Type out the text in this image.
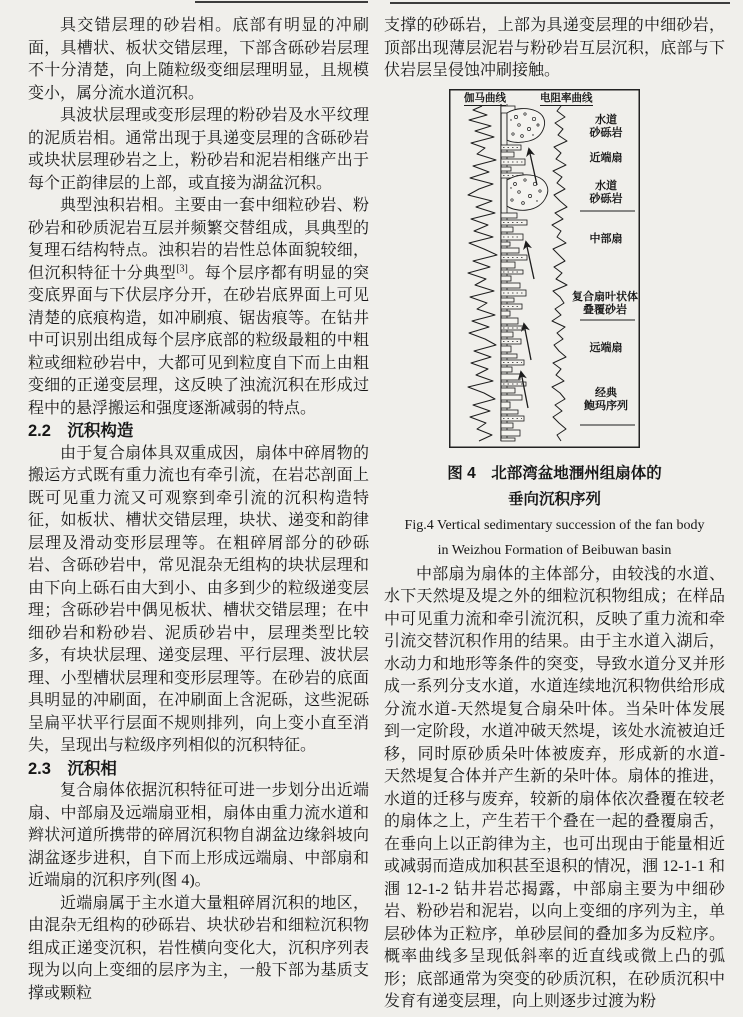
具交错层理的砂岩相。底部有明显的冲刷面，具槽状、板状交错层理，下部含砾砂岩层理不十分清楚，向上随粒级变细层理明显，且规模变小，属分流水道沉积。

具波状层理或变形层理的粉砂岩及水平纹理的泥质岩相。通常出现于具递变层理的含砾砂岩或块状层理砂岩之上，粉砂岩和泥岩相继产出于每个正韵律层的上部，或直接为湖盆沉积。

典型浊积岩相。主要由一套中细粒砂岩、粉砂岩和砂质泥岩互层并频繁交替组成，具典型的复理石结构特点。浊积岩的岩性总体面貌较细，但沉积特征十分典型[3]。每个层序都有明显的突变底界面与下伏层序分开，在砂岩底界面上可见清楚的底痕构造，如冲刷痕、锯齿痕等。在钻井中可识别出组成每个层序底部的粒级最粗的中粗粒或细粒砂岩中，大都可见到粒度自下而上由粗变细的正递变层理，这反映了浊流沉积在形成过程中的悬浮搬运和强度逐渐减弱的特点。

2.2　沉积构造

由于复合扇体具双重成因，扇体中碎屑物的搬运方式既有重力流也有牵引流，在岩芯剖面上既可见重力流又可观察到牵引流的沉积构造特征，如板状、槽状交错层理，块状、递变和韵律层理及滑动变形层理等。在粗碎屑部分的砂砾岩、含砾砂岩中，常见混杂无组构的块状层理和由下向上砾石由大到小、由多到少的粒级递变层理；含砾砂岩中偶见板状、槽状交错层理；在中细砂岩和粉砂岩、泥质砂岩中，层理类型比较多，有块状层理、递变层理、平行层理、波状层理、小型槽状层理和变形层理等。在砂岩的底面具明显的冲刷面，在冲刷面上含泥砾，这些泥砾呈扁平状平行层面不规则排列，向上变小直至消失，呈现出与粒级序列相似的沉积特征。

2.3　沉积相

复合扇体依据沉积特征可进一步划分出近端扇、中部扇及远端扇亚相，扇体由重力流水道和辫状河道所携带的碎屑沉积物自湖盆边缘斜坡向湖盆逐步进积，自下而上形成远端扇、中部扇和近端扇的沉积序列(图 4)。

近端扇属于主水道大量粗碎屑沉积的地区，由混杂无组构的砂砾岩、块状砂岩和细粒沉积物组成正递变沉积，岩性横向变化大，沉积序列表现为以向上变细的层序为主，一般下部为基质支撑或颗粒

支撑的砂砾岩，上部为具递变层理的中细砂岩，顶部出现薄层泥岩与粉砂岩互层沉积，底部与下伏岩层呈侵蚀冲刷接触。

伽马曲线	电阻率曲线
水道
砂砾岩
近端扇
水道
砂砾岩
中部扇
复合扇叶状体
叠覆砂岩
远端扇
经典
鲍玛序列
图 4　北部湾盆地涠州组扇体的
垂向沉积序列
Fig.4 Vertical sedimentary succession of the fan body
in Weizhou Formation of Beibuwan basin

中部扇为扇体的主体部分，由较浅的水道、水下天然堤及堤之外的细粒沉积物组成；在样品中可见重力流和牵引流沉积，反映了重力流和牵引流交替沉积作用的结果。由于主水道入湖后，水动力和地形等条件的突变，导致水道分叉并形成一系列分支水道，水道连续地沉积物供给形成分流水道-天然堤复合扇朵叶体。当朵叶体发展到一定阶段，水道冲破天然堤，该处水流被迫迁移，同时原砂质朵叶体被废弃，形成新的水道-天然堤复合体并产生新的朵叶体。扇体的推进，水道的迁移与废弃，较新的扇体依次叠覆在较老的扇体之上，产生若干个叠在一起的叠覆扇舌，在垂向上以正韵律为主，也可出现由于能量相近或减弱而造成加积甚至退积的情况，涠 12-1-1 和涠 12-1-2 钻井岩芯揭露，中部扇主要为中细砂岩、粉砂岩和泥岩，以向上变细的序列为主，单层砂体为正粒序，单砂层间的叠加多为反粒序。概率曲线多呈现低斜率的近直线或微上凸的弧形；底部通常为突变的砂质沉积，在砂质沉积中发育有递变层理，向上则逐步过渡为粉
